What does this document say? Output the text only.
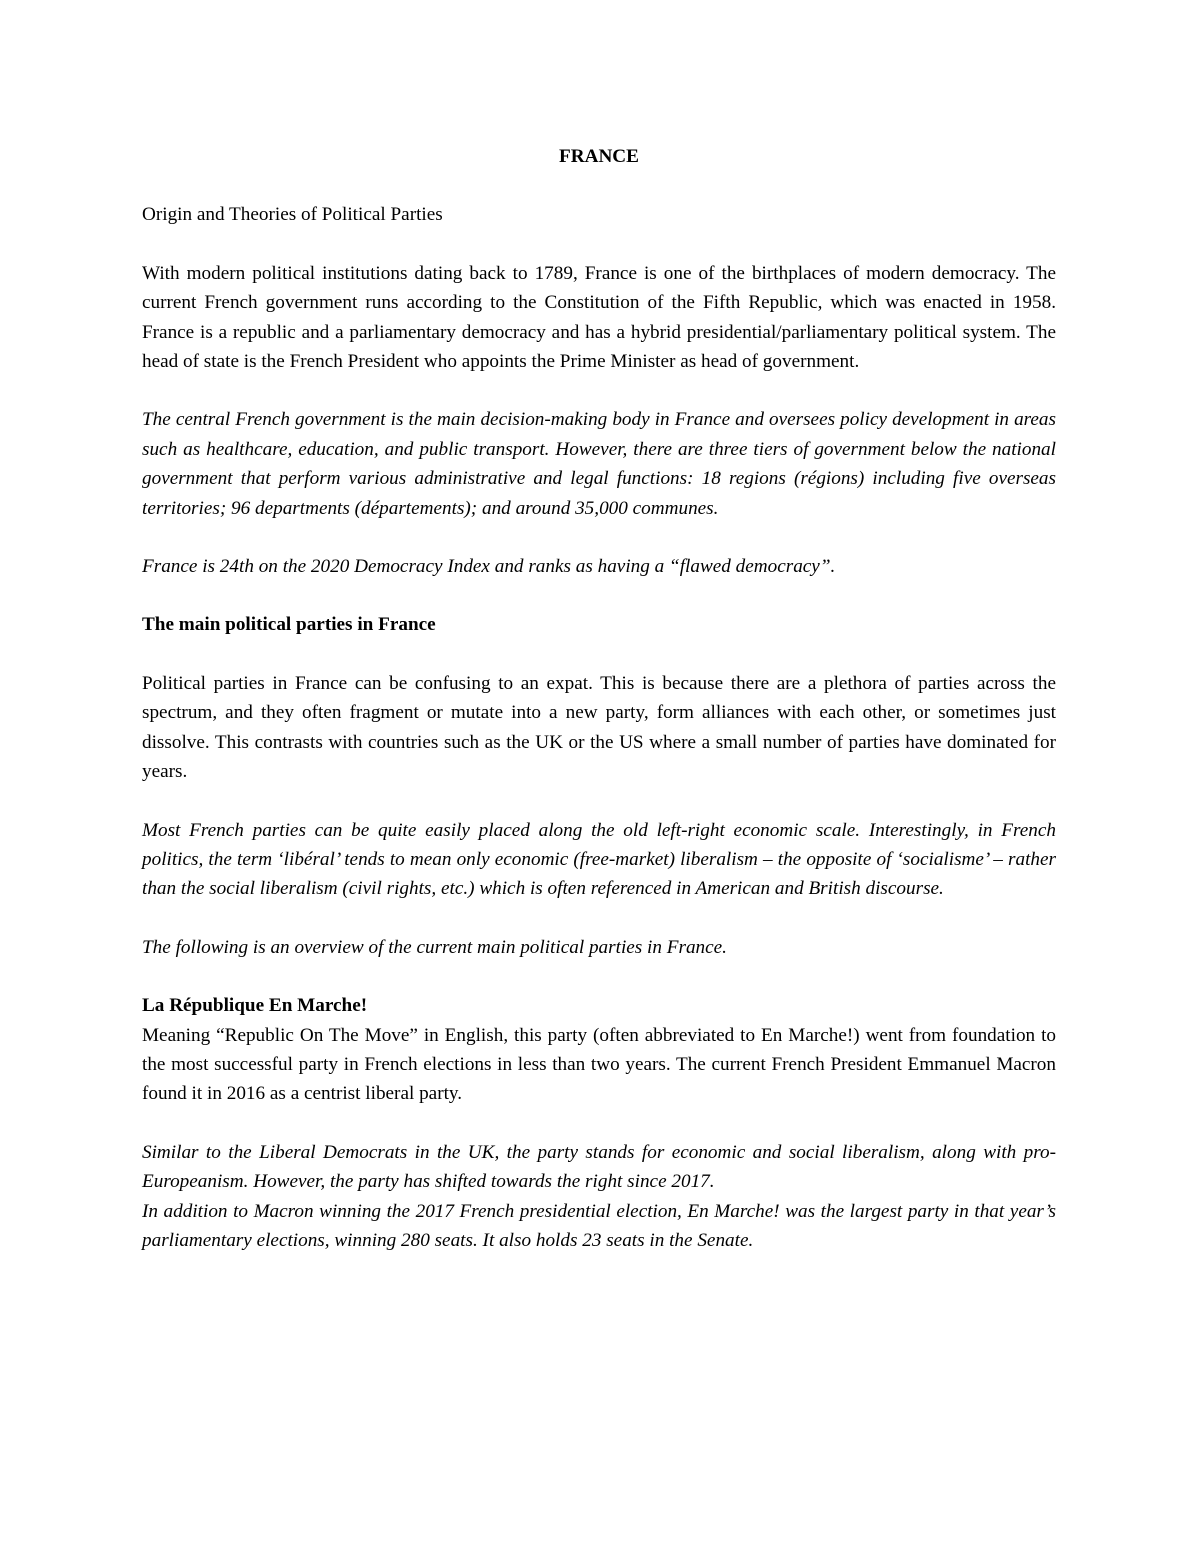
FRANCE

Origin and Theories of Political Parties

With modern political institutions dating back to 1789, France is one of the birthplaces of modern democracy. The current French government runs according to the Constitution of the Fifth Republic, which was enacted in 1958. France is a republic and a parliamentary democracy and has a hybrid presidential/parliamentary political system. The head of state is the French President who appoints the Prime Minister as head of government.

The central French government is the main decision-making body in France and oversees policy development in areas such as healthcare, education, and public transport. However, there are three tiers of government below the national government that perform various administrative and legal functions: 18 regions (régions) including five overseas territories; 96 departments (départements); and around 35,000 communes.

France is 24th on the 2020 Democracy Index and ranks as having a “flawed democracy”.

The main political parties in France

Political parties in France can be confusing to an expat. This is because there are a plethora of parties across the spectrum, and they often fragment or mutate into a new party, form alliances with each other, or sometimes just dissolve. This contrasts with countries such as the UK or the US where a small number of parties have dominated for years.

Most French parties can be quite easily placed along the old left-right economic scale. Interestingly, in French politics, the term ‘libéral’ tends to mean only economic (free-market) liberalism – the opposite of ‘socialisme’ – rather than the social liberalism (civil rights, etc.) which is often referenced in American and British discourse.

The following is an overview of the current main political parties in France.

La République En Marche!

Meaning “Republic On The Move” in English, this party (often abbreviated to En Marche!) went from foundation to the most successful party in French elections in less than two years. The current French President Emmanuel Macron found it in 2016 as a centrist liberal party.

Similar to the Liberal Democrats in the UK, the party stands for economic and social liberalism, along with pro-Europeanism. However, the party has shifted towards the right since 2017.

In addition to Macron winning the 2017 French presidential election, En Marche! was the largest party in that year’s parliamentary elections, winning 280 seats. It also holds 23 seats in the Senate.
